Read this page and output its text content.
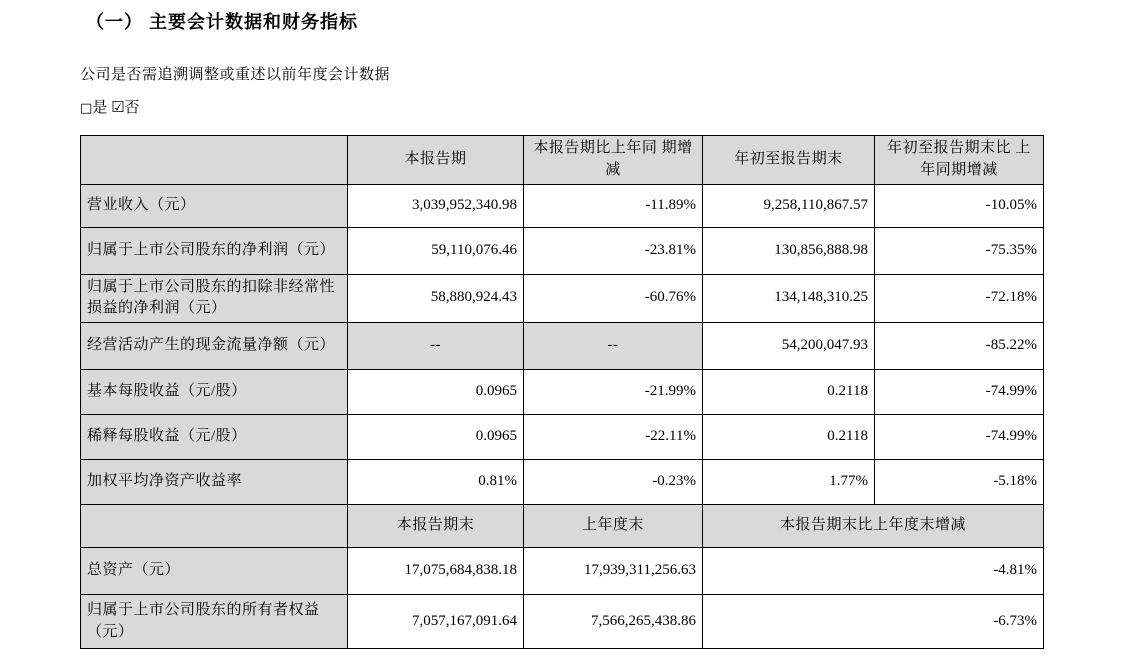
（一） 主要会计数据和财务指标
公司是否需追溯调整或重述以前年度会计数据
□是 ☑否
	本报告期	本报告期比上年同 期增减	年初至报告期末	年初至报告期末比 上年同期增减
营业收入（元）	3,039,952,340.98	-11.89%	9,258,110,867.57	-10.05%
归属于上市公司股东的净利润（元）	59,110,076.46	-23.81%	130,856,888.98	-75.35%
归属于上市公司股东的扣除非经常性损益的净利润（元）	58,880,924.43	-60.76%	134,148,310.25	-72.18%
经营活动产生的现金流量净额（元）	--	--	54,200,047.93	-85.22%
基本每股收益（元/股）	0.0965	-21.99%	0.2118	-74.99%
稀释每股收益（元/股）	0.0965	-22.11%	0.2118	-74.99%
加权平均净资产收益率	0.81%	-0.23%	1.77%	-5.18%
	本报告期末	上年度末	本报告期末比上年度末增减	
总资产（元）	17,075,684,838.18	17,939,311,256.63	-4.81%	
归属于上市公司股东的所有者权益（元）	7,057,167,091.64	7,566,265,438.86	-6.73%	
